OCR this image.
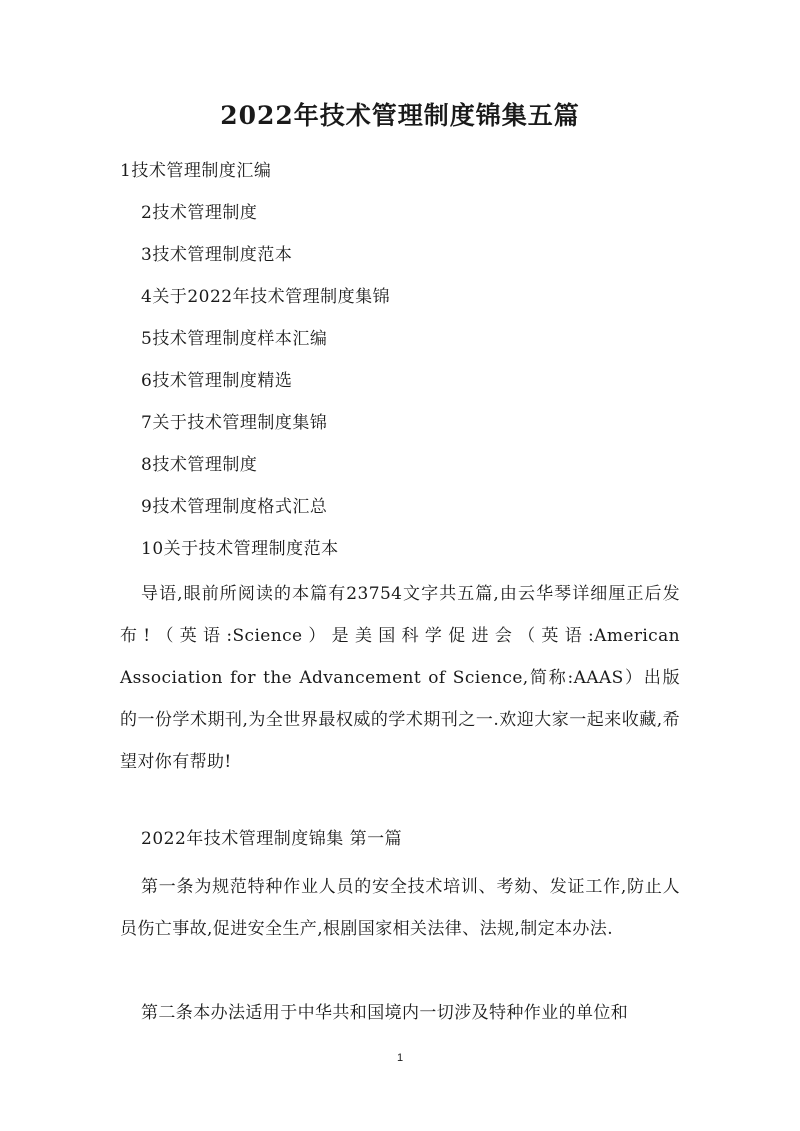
2022年技术管理制度锦集五篇
1技术管理制度汇编
2技术管理制度
3技术管理制度范本
4关于2022年技术管理制度集锦
5技术管理制度样本汇编
6技术管理制度精选
7关于技术管理制度集锦
8技术管理制度
9技术管理制度格式汇总
10关于技术管理制度范本

导语,眼前所阅读的本篇有23754文字共五篇,由云华琴详细厘正后发布!（英语:Science）是美国科学促进会（英语:American Association for the Advancement of Science,简称:AAAS）出版的一份学术期刊,为全世界最权威的学术期刊之一.欢迎大家一起来收藏,希望对你有帮助!

2022年技术管理制度锦集 第一篇

第一条为规范特种作业人员的安全技术培训、考劾、发证工作,防止人员伤亡事故,促进安全生产,根剧国家相关法律、法规,制定本办法.

第二条本办法适用于中华共和国境内一切涉及特种作业的单位和

1
